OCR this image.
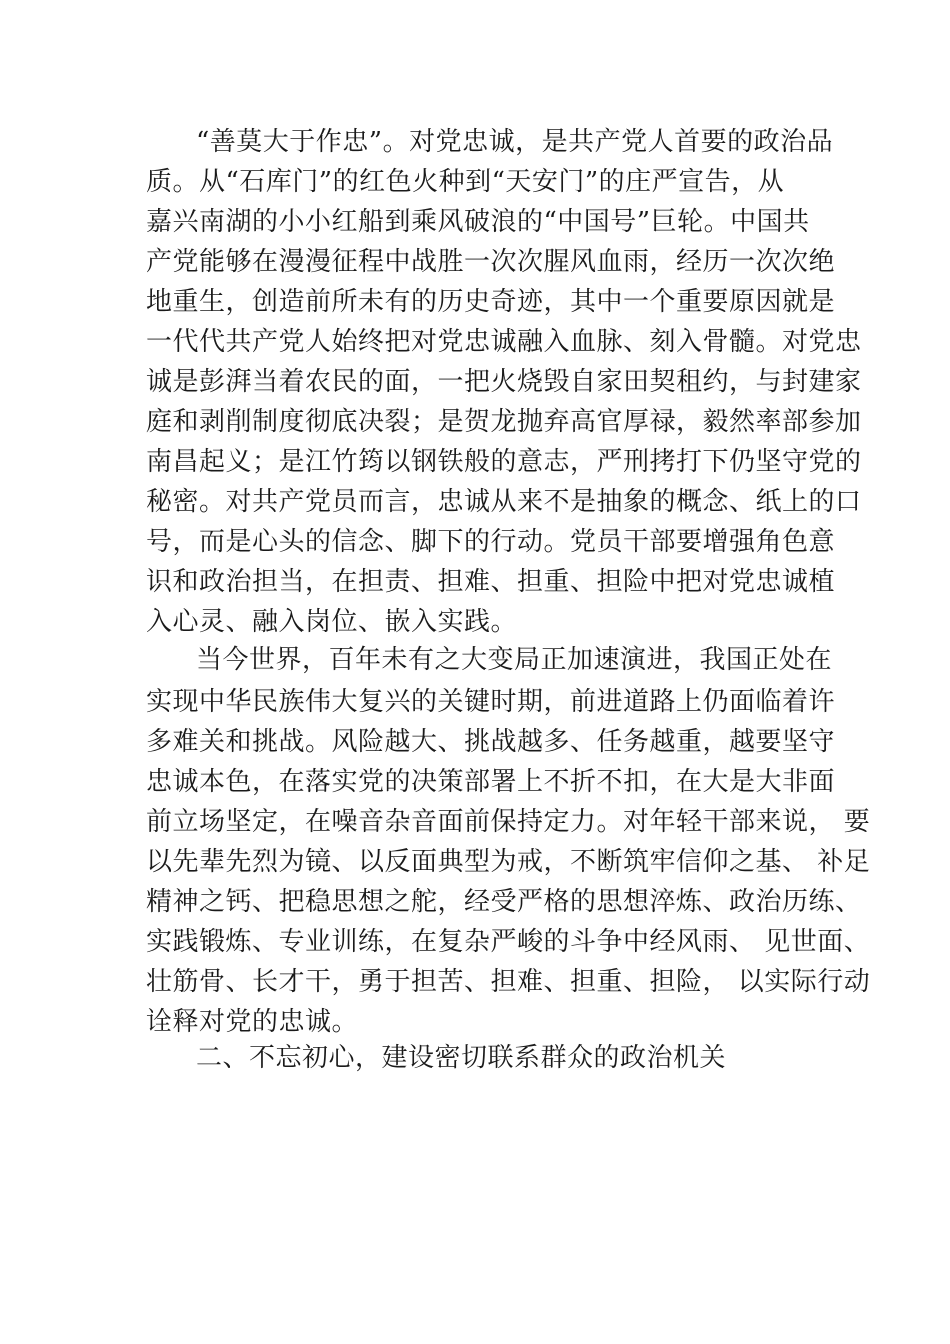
“善莫大于作忠”。对党忠诚，是共产党人首要的政治品
质。从“石库门”的红色火种到“天安门”的庄严宣告，从
嘉兴南湖的小小红船到乘风破浪的“中国号”巨轮。中国共
产党能够在漫漫征程中战胜一次次腥风血雨，经历一次次绝
地重生，创造前所未有的历史奇迹，其中一个重要原因就是
一代代共产党人始终把对党忠诚融入血脉、刻入骨髓。对党忠
诚是彭湃当着农民的面，一把火烧毁自家田契租约，与封建家
庭和剥削制度彻底决裂；是贺龙抛弃高官厚禄，毅然率部参加
南昌起义；是江竹筠以钢铁般的意志，严刑拷打下仍坚守党的
秘密。对共产党员而言，忠诚从来不是抽象的概念、纸上的口
号，而是心头的信念、脚下的行动。党员干部要增强角色意
识和政治担当，在担责、担难、担重、担险中把对党忠诚植
入心灵、融入岗位、嵌入实践。
当今世界，百年未有之大变局正加速演进，我国正处在
实现中华民族伟大复兴的关键时期，前进道路上仍面临着许
多难关和挑战。风险越大、挑战越多、任务越重，越要坚守
忠诚本色，在落实党的决策部署上不折不扣，在大是大非面
前立场坚定，在噪音杂音面前保持定力。对年轻干部来说， 要
以先辈先烈为镜、以反面典型为戒，不断筑牢信仰之基、 补足
精神之钙、把稳思想之舵，经受严格的思想淬炼、政治历练、
实践锻炼、专业训练，在复杂严峻的斗争中经风雨、 见世面、
壮筋骨、长才干，勇于担苦、担难、担重、担险， 以实际行动
诠释对党的忠诚。
二、不忘初心，建设密切联系群众的政治机关
